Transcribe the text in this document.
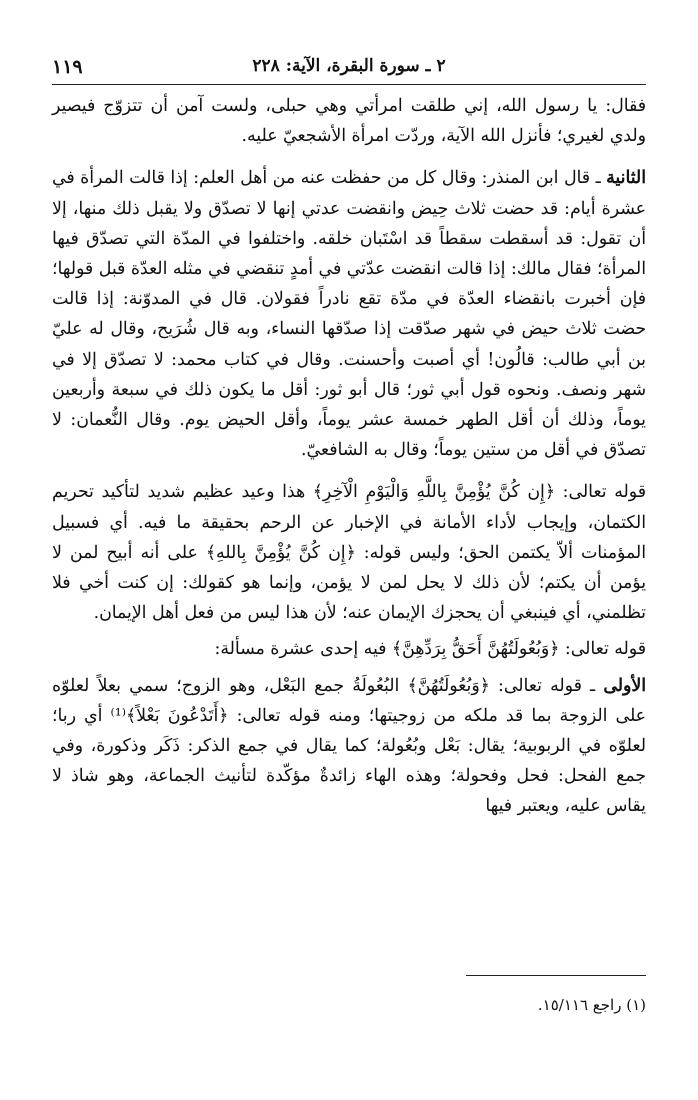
١١٩	٢ ـ سورة البقرة، الآية: ٢٢٨

فقال: يا رسول الله، إني طلقت امرأتي وهي حبلى، ولست آمن أن تتزوّج فيصير ولدي لغيري؛ فأنزل الله الآية، وردّت امرأة الأشجعيّ عليه.

الثانية ـ قال ابن المنذر: وقال كل من حفظت عنه من أهل العلم: إذا قالت المرأة في عشرة أيام: قد حضت ثلاث حِيض وانقضت عدتي إنها لا تصدّق ولا يقبل ذلك منها، إلا أن تقول: قد أسقطت سقطاً قد اسْتَبان خلقه. واختلفوا في المدّة التي تصدّق فيها المرأة؛ فقال مالك: إذا قالت انقضت عدّتي في أمدٍ تنقضي في مثله العدّة قبل قولها؛ فإن أخبرت بانقضاء العدّة في مدّة تقع نادراً فقولان. قال في المدوّنة: إذا قالت حضت ثلاث حيض في شهر صدّقت إذا صدّقها النساء، وبه قال شُرَيح، وقال له عليّ بن أبي طالب: قالُون! أي أصبت وأحسنت. وقال في كتاب محمد: لا تصدّق إلا في شهر ونصف. ونحوه قول أبي ثور؛ قال أبو ثور: أقل ما يكون ذلك في سبعة وأربعين يوماً، وذلك أن أقل الطهر خمسة عشر يوماً، وأقل الحيض يوم. وقال النُّعمان: لا تصدّق في أقل من ستين يوماً؛ وقال به الشافعيّ.

قوله تعالى: ﴿إِن كُنَّ يُؤْمِنَّ بِاللَّهِ وَالْيَوْمِ الْآخِرِ﴾ هذا وعيد عظيم شديد لتأكيد تحريم الكتمان، وإيجاب لأداء الأمانة في الإخبار عن الرحم بحقيقة ما فيه. أي فسبيل المؤمنات ألاّ يكتمن الحق؛ وليس قوله: ﴿إِن كُنَّ يُؤْمِنَّ بِاللهِ﴾ على أنه أبيح لمن لا يؤمن أن يكتم؛ لأن ذلك لا يحل لمن لا يؤمن، وإنما هو كقولك: إن كنت أخي فلا تظلمني، أي فينبغي أن يحجزك الإيمان عنه؛ لأن هذا ليس من فعل أهل الإيمان.

قوله تعالى: ﴿وَبُعُولَتُهُنَّ أَحَقُّ بِرَدِّهِنَّ﴾ فيه إحدى عشرة مسألة:

الأولى ـ قوله تعالى: ﴿وَبُعُولَتُهُنَّ﴾ البُعُولَةُ جمع البَعْل، وهو الزوج؛ سمي بعلاً لعلوّه على الزوجة بما قد ملكه من زوجيتها؛ ومنه قوله تعالى: ﴿أَتَدْعُونَ بَعْلاً﴾⁽¹⁾ أي ربا؛ لعلوّه في الربوبية؛ يقال: بَعْل وبُعُولة؛ كما يقال في جمع الذكر: ذَكَر وذكورة، وفي جمع الفحل: فحل وفحولة؛ وهذه الهاء زائدةٌ مؤكّدة لتأنيث الجماعة، وهو شاذ لا يقاس عليه، ويعتبر فيها

(١) راجع ١٥/١١٦.
